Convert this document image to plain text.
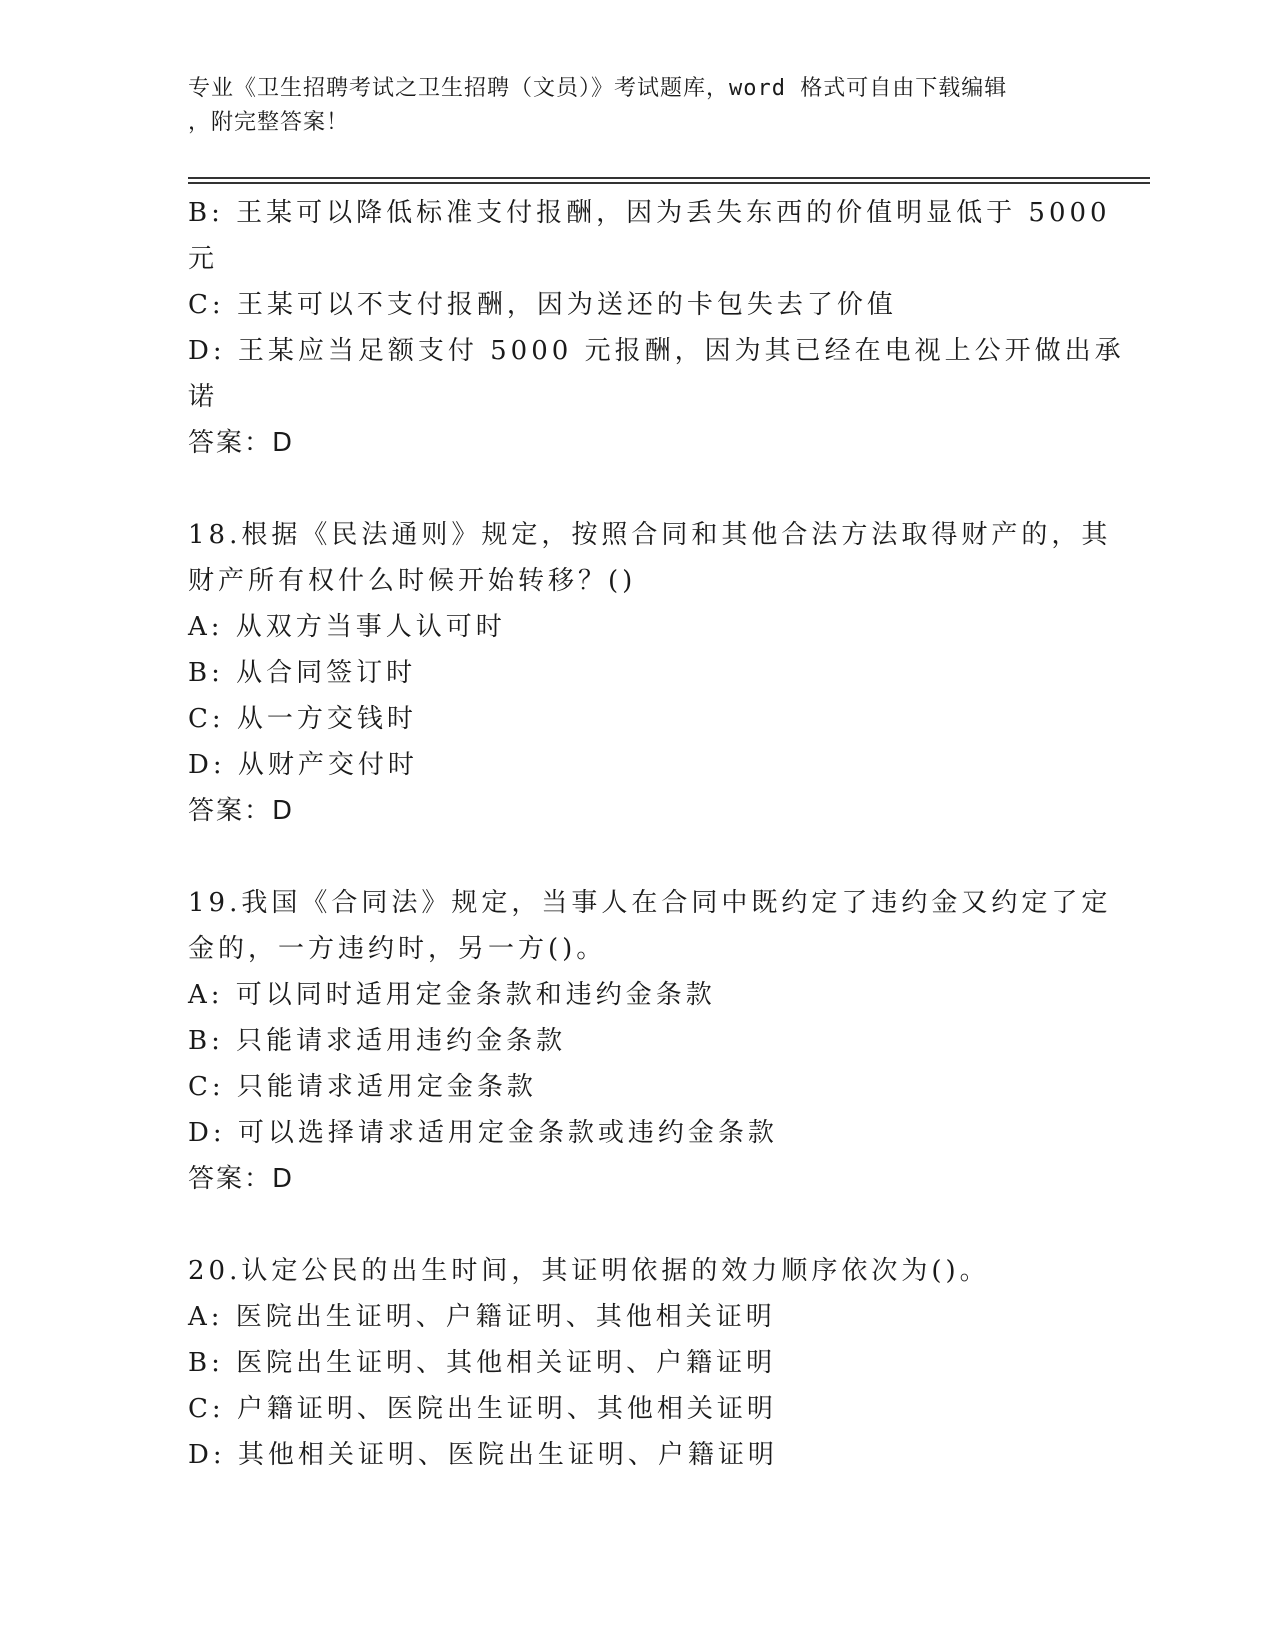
专业《卫生招聘考试之卫生招聘（文员）》考试题库，word 格式可自由下载编辑
，附完整答案！
B: 王某可以降低标准支付报酬，因为丢失东西的价值明显低于 5000
元
C: 王某可以不支付报酬，因为送还的卡包失去了价值
D: 王某应当足额支付 5000 元报酬，因为其已经在电视上公开做出承
诺
答案：D
18.根据《民法通则》规定，按照合同和其他合法方法取得财产的，其
财产所有权什么时候开始转移？()
A: 从双方当事人认可时
B: 从合同签订时
C: 从一方交钱时
D: 从财产交付时
答案：D
19.我国《合同法》规定，当事人在合同中既约定了违约金又约定了定
金的，一方违约时，另一方()。
A: 可以同时适用定金条款和违约金条款
B: 只能请求适用违约金条款
C: 只能请求适用定金条款
D: 可以选择请求适用定金条款或违约金条款
答案：D
20.认定公民的出生时间，其证明依据的效力顺序依次为()。
A: 医院出生证明、户籍证明、其他相关证明
B: 医院出生证明、其他相关证明、户籍证明
C: 户籍证明、医院出生证明、其他相关证明
D: 其他相关证明、医院出生证明、户籍证明
